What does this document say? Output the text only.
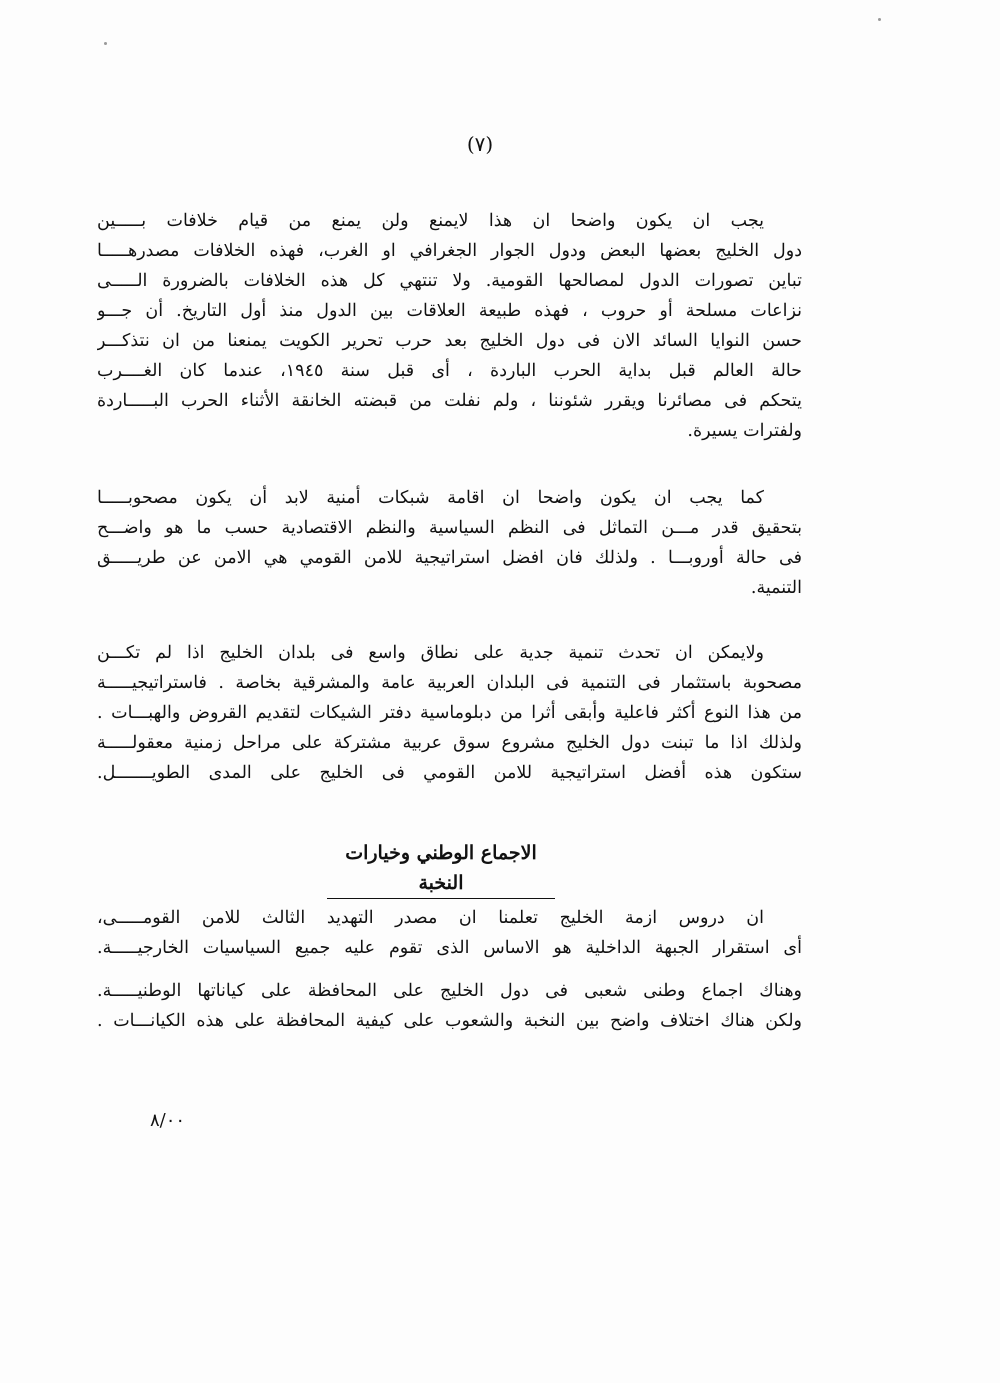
(٧)
يجب ان يكون واضحا ان هذا لايمنع ولن يمنع من قيام خلافات بـــــين
دول الخليج بعضها البعض ودول الجوار الجغرافي او الغرب، فهذه الخلافات مصدرهـــــا
تباين تصورات الدول لمصالحها القومية. ولا تنتهي كل هذه الخلافات بالضرورة الـــــى
نزاعات مسلحة أو حروب ، فهذه طبيعة العلاقات بين الدول منذ أول التاريخ. أن جـــو
حسن النوايا السائد الان فى دول الخليج بعد حرب تحرير الكويت يمنعنا من ان نتذكـــر
حالة العالم قبل بداية الحرب الباردة ، أى قبل سنة ١٩٤٥، عندما كان الغــــرب
يتحكم فى مصائرنا ويقرر شئوننا ، ولم نفلت من قبضته الخانقة الأثناء الحرب البـــــاردة
ولفترات يسيرة.
كما يجب ان يكون واضحا ان اقامة شبكات أمنية لابد أن يكون مصحوبـــــا
بتحقيق قدر مـــن التماثل فى النظم السياسية والنظم الاقتصادية حسب ما هو واضـــح
فى حالة أوروبـــا . ولذلك فان افضل استراتيجية للامن القومي هي الامن عن طريـــــق
التنمية.
ولايمكن ان تحدث تنمية جدية على نطاق واسع فى بلدان الخليج اذا لم تكـــن
مصحوبة باستثمار فى التنمية فى البلدان العربية عامة والمشرقية بخاصة . فاستراتيجيـــــة
من هذا النوع أكثر فاعلية وأبقى أثرا من دبلوماسية دفتر الشيكات لتقديم القروض والهبـــات .
ولذلك اذا ما تبنت دول الخليج مشروع سوق عربية مشتركة على مراحل زمنية معقولـــــة
ستكون هذه أفضل استراتيجية للامن القومي فى الخليج على المدى الطويـــــــل.
الاجماع الوطني وخيارات النخبة
ان دروس ازمة الخليج تعلمنا ان مصدر التهديد الثالث للامن القومـــــى،
أى استقرار الجبهة الداخلية هو الاساس الذى تقوم عليه جميع السياسيات الخارجيـــــة.
وهناك اجماع وطنى شعبى فى دول الخليج على المحافظة على كياناتها الوطنيـــــة.
ولكن هناك اختلاف واضح بين النخبة والشعوب على كيفية المحافظة على هذه الكيانـــات .
٨/٠٠
